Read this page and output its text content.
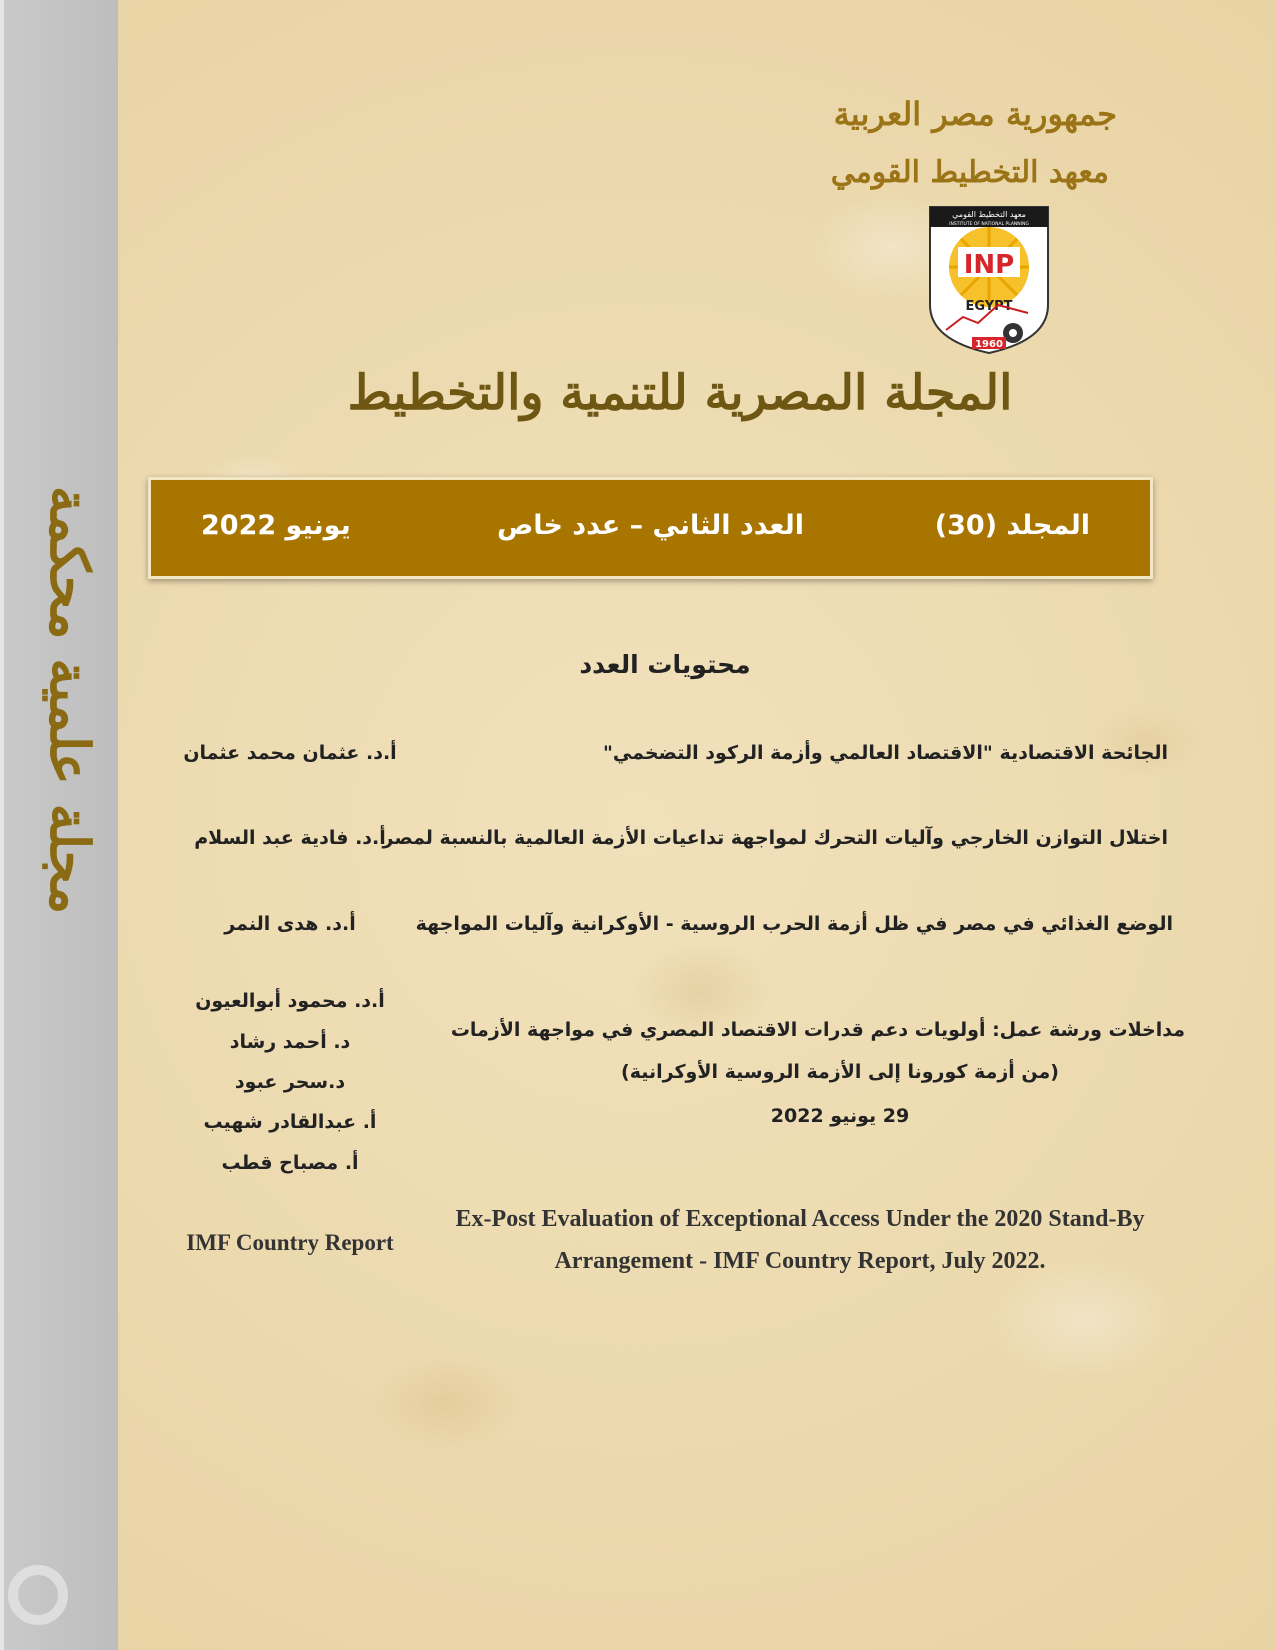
مجلة علمية محكمة
جمهورية مصر العربية
معهد التخطيط القومي
معهد التخطيط القومي
INSTITUTE OF NATIONAL PLANNING
INP
EGYPT
1960
المجلة المصرية للتنمية والتخطيط
المجلد (30)
العدد الثاني – عدد خاص
يونيو 2022
محتويات العدد
الجائحة الاقتصادية "الاقتصاد العالمي وأزمة الركود التضخمي"
أ.د. عثمان محمد عثمان
اختلال التوازن الخارجي وآليات التحرك لمواجهة تداعيات الأزمة العالمية بالنسبة لمصر
أ.د. فادية عبد السلام
الوضع الغذائي في مصر في ظل أزمة الحرب الروسية - الأوكرانية وآليات المواجهة
أ.د. هدى النمر
مداخلات ورشة عمل: أولويات دعم قدرات الاقتصاد المصري في مواجهة الأزمات
(من أزمة كورونا إلى الأزمة الروسية الأوكرانية)
29 يونيو 2022
أ.د. محمود أبوالعيون
د. أحمد رشاد
د.سحر عبود
أ. عبدالقادر شهيب
أ. مصباح قطب
Ex-Post Evaluation of Exceptional Access Under the 2020 Stand-By Arrangement - IMF Country Report, July 2022.
IMF Country Report
